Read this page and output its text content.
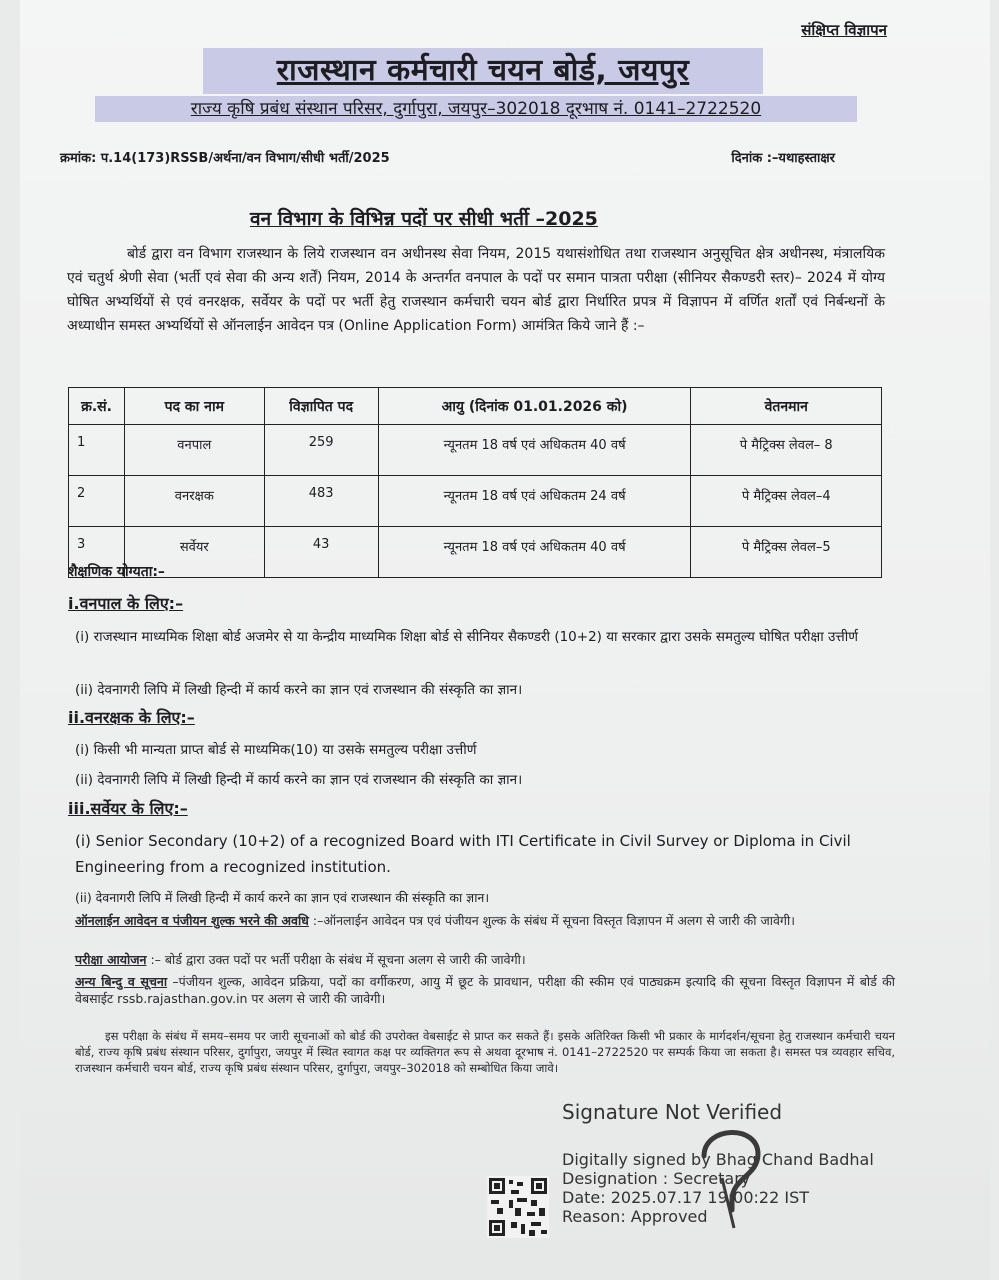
संक्षिप्त विज्ञापन
राजस्थान कर्मचारी चयन बोर्ड, जयपुर
राज्य कृषि प्रबंध संस्थान परिसर, दुर्गापुरा, जयपुर–302018 दूरभाष नं. 0141–2722520
क्रमांक: प.14(173)RSSB/अर्थना/वन विभाग/सीधी भर्ती/2025	दिनांक :–यथाहस्ताक्षर
वन विभाग के विभिन्न पदों पर सीधी भर्ती –2025
बोर्ड द्वारा वन विभाग राजस्थान के लिये राजस्थान वन अधीनस्थ सेवा नियम, 2015 यथासंशोधित तथा राजस्थान अनुसूचित क्षेत्र अधीनस्थ, मंत्रालयिक एवं चतुर्थ श्रेणी सेवा (भर्ती एवं सेवा की अन्य शर्तें) नियम, 2014 के अन्तर्गत वनपाल के पदों पर समान पात्रता परीक्षा (सीनियर सैकण्डरी स्तर)– 2024 में योग्य घोषित अभ्यर्थियों से एवं वनरक्षक, सर्वेयर के पदों पर भर्ती हेतु राजस्थान कर्मचारी चयन बोर्ड द्वारा निर्धारित प्रपत्र में विज्ञापन में वर्णित शर्तों एवं निर्बन्धनों के अध्याधीन समस्त अभ्यर्थियों से ऑनलाईन आवेदन पत्र (Online Application Form) आमंत्रित किये जाने हैं :–
क्र.सं.	पद का नाम	विज्ञापित पद	आयु (दिनांक 01.01.2026 को)	वेतनमान
1	वनपाल	259	न्यूनतम 18 वर्ष एवं अधिकतम 40 वर्ष	पे मैट्रिक्स लेवल– 8
2	वनरक्षक	483	न्यूनतम 18 वर्ष एवं अधिकतम 24 वर्ष	पे मैट्रिक्स लेवल–4
3	सर्वेयर	43	न्यूनतम 18 वर्ष एवं अधिकतम 40 वर्ष	पे मैट्रिक्स लेवल–5
शैक्षणिक योग्यता:–
i.वनपाल के लिए:–
(i) राजस्थान माध्यमिक शिक्षा बोर्ड अजमेर से या केन्द्रीय माध्यमिक शिक्षा बोर्ड से सीनियर सैकण्डरी (10+2) या सरकार द्वारा उसके समतुल्य घोषित परीक्षा उत्तीर्ण
(ii) देवनागरी लिपि में लिखी हिन्दी में कार्य करने का ज्ञान एवं राजस्थान की संस्कृति का ज्ञान।
ii.वनरक्षक के लिए:–
(i) किसी भी मान्यता प्राप्त बोर्ड से माध्यमिक(10) या उसके समतुल्य परीक्षा उत्तीर्ण
(ii) देवनागरी लिपि में लिखी हिन्दी में कार्य करने का ज्ञान एवं राजस्थान की संस्कृति का ज्ञान।
iii.सर्वेयर के लिए:–
(i) Senior Secondary (10+2) of a recognized Board with ITI Certificate in Civil Survey or Diploma in Civil Engineering from a recognized institution.
(ii) देवनागरी लिपि में लिखी हिन्दी में कार्य करने का ज्ञान एवं राजस्थान की संस्कृति का ज्ञान।
ऑनलाईन आवेदन व पंजीयन शुल्क भरने की अवधि :–ऑनलाईन आवेदन पत्र एवं पंजीयन शुल्क के संबंध में सूचना विस्तृत विज्ञापन में अलग से जारी की जावेगी।
परीक्षा आयोजन :– बोर्ड द्वारा उक्त पदों पर भर्ती परीक्षा के संबंध में सूचना अलग से जारी की जावेगी।
अन्य बिन्दु व सूचना –पंजीयन शुल्क, आवेदन प्रक्रिया, पदों का वर्गीकरण, आयु में छूट के प्रावधान, परीक्षा की स्कीम एवं पाठ्यक्रम इत्यादि की सूचना विस्तृत विज्ञापन में बोर्ड की वेबसाईट rssb.rajasthan.gov.in पर अलग से जारी की जावेगी।
इस परीक्षा के संबंध में समय–समय पर जारी सूचनाओं को बोर्ड की उपरोक्त वेबसाईट से प्राप्त कर सकते हैं। इसके अतिरिक्त किसी भी प्रकार के मार्गदर्शन/सूचना हेतु राजस्थान कर्मचारी चयन बोर्ड, राज्य कृषि प्रबंध संस्थान परिसर, दुर्गापुरा, जयपुर में स्थित स्वागत कक्ष पर व्यक्तिगत रूप से अथवा दूरभाष नं. 0141–2722520 पर सम्पर्क किया जा सकता है। समस्त पत्र व्यवहार सचिव, राजस्थान कर्मचारी चयन बोर्ड, राज्य कृषि प्रबंध संस्थान परिसर, दुर्गापुरा, जयपुर–302018 को सम्बोधित किया जावे।
Signature Not Verified
Digitally signed by Bhag Chand Badhal
Designation : Secretary
Date: 2025.07.17 19:00:22 IST
Reason: Approved
